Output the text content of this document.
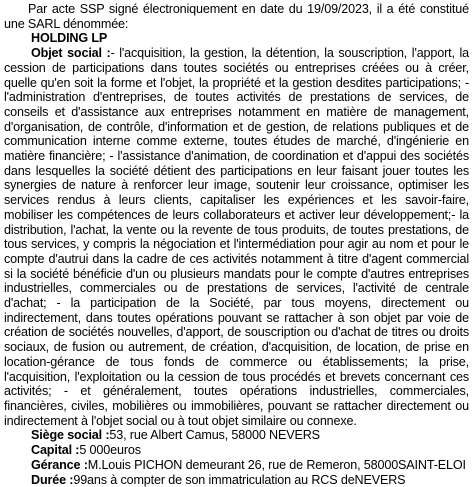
Par acte SSP signé électroniquement en date du 19/09/2023, il a été constitué une SARL dénommée:

HOLDING LP

Objet social :- l'acquisition, la gestion, la détention, la souscription, l'apport, la cession de participations dans toutes sociétés ou entreprises créées ou à créer, quelle qu'en soit la forme et l'objet, la propriété et la gestion desdites participations; -l'administration d'entreprises, de toutes activités de prestations de services, de conseils et d'assistance aux entreprises notamment en matière de management, d'organisation, de contrôle, d'information et de gestion, de relations publiques et de communication interne comme externe, toutes études de marché, d'ingénierie en matière financière; - l'assistance d'animation, de coordination et d'appui des sociétés dans lesquelles la société détient des participations en leur faisant jouer toutes les synergies de nature à renforcer leur image, soutenir leur croissance, optimiser les services rendus à leurs clients, capitaliser les expériences et les savoir-faire, mobiliser les compétences de leurs collaborateurs et activer leur développement;- la distribution, l'achat, la vente ou la revente de tous produits, de toutes prestations, de tous services, y compris la négociation et l'intermédiation pour agir au nom et pour le compte d'autrui dans la cadre de ces activités notamment à titre d'agent commercial si la société bénéficie d'un ou plusieurs mandats pour le compte d'autres entreprises industrielles, commerciales ou de prestations de services, l'activité de centrale d'achat; - la participation de la Société, par tous moyens, directement ou indirectement, dans toutes opérations pouvant se rattacher à son objet par voie de création de sociétés nouvelles, d'apport, de souscription ou d'achat de titres ou droits sociaux, de fusion ou autrement, de création, d'acquisition, de location, de prise en location-gérance de tous fonds de commerce ou établissements; la prise, l'acquisition, l'exploitation ou la cession de tous procédés et brevets concernant ces activités; - et généralement, toutes opérations industrielles, commerciales, financières, civiles, mobilières ou immobilières, pouvant se rattacher directement ou indirectement à l'objet social ou à tout objet similaire ou connexe.

Siège social :53, rue Albert Camus, 58000 NEVERS

Capital :5 000euros

Gérance :M.Louis PICHON demeurant 26, rue de Remeron, 58000SAINT-ELOI

Durée :99ans à compter de son immatriculation au RCS deNEVERS
